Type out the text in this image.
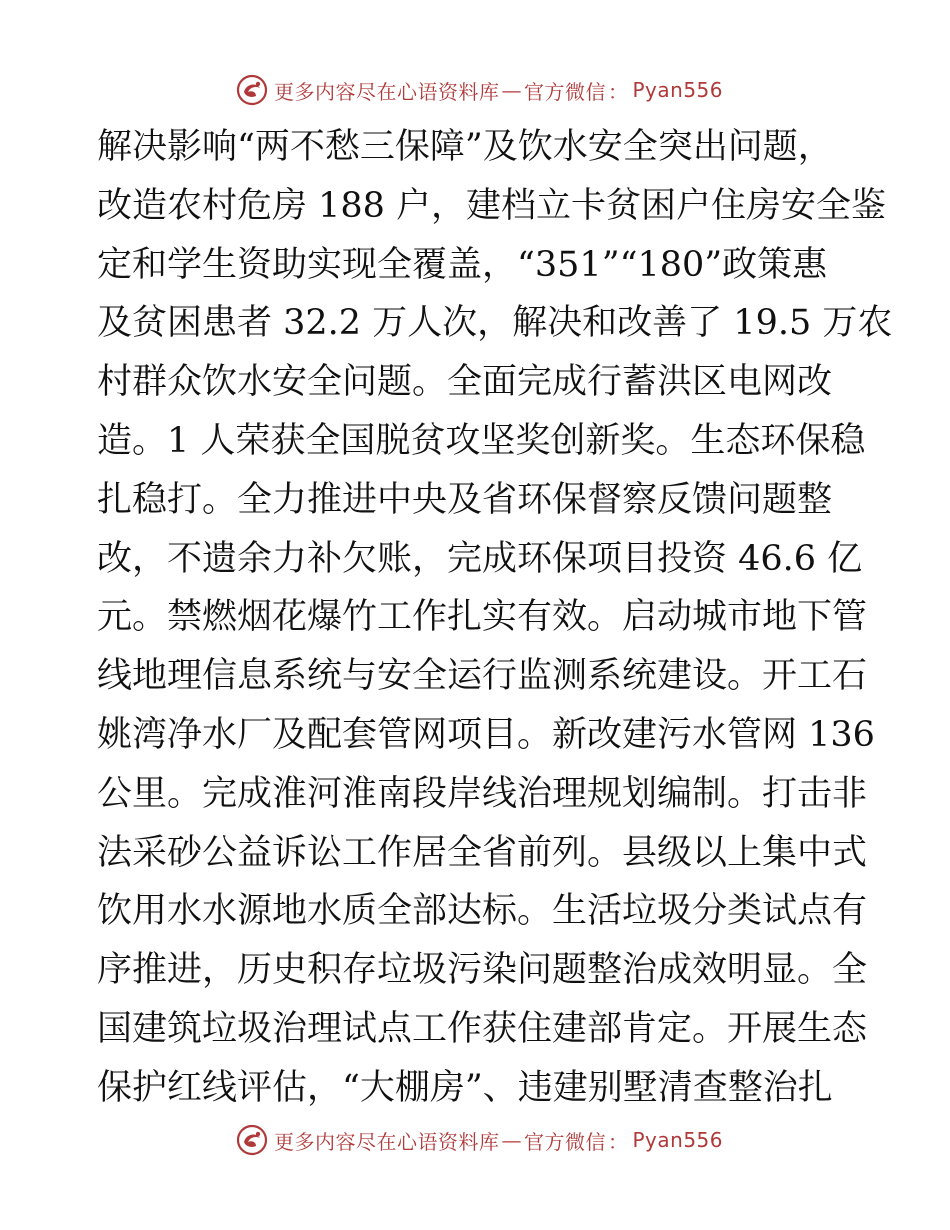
更多内容尽在心语资料库 — 官方微信 ： Pyan556
解决影响“两不愁三保障”及饮水安全突出问题，
改造农村危房 188 户，建档立卡贫困户住房安全鉴
定和学生资助实现全覆盖，“351”“180”政策惠
及贫困患者 32.2 万人次，解决和改善了 19.5 万农
村群众饮水安全问题。全面完成行蓄洪区电网改
造。1 人荣获全国脱贫攻坚奖创新奖。生态环保稳
扎稳打。全力推进中央及省环保督察反馈问题整
改，不遗余力补欠账，完成环保项目投资 46.6 亿
元。禁燃烟花爆竹工作扎实有效。启动城市地下管
线地理信息系统与安全运行监测系统建设。开工石
姚湾净水厂及配套管网项目。新改建污水管网 136
公里。完成淮河淮南段岸线治理规划编制。打击非
法采砂公益诉讼工作居全省前列。县级以上集中式
饮用水水源地水质全部达标。生活垃圾分类试点有
序推进，历史积存垃圾污染问题整治成效明显。全
国建筑垃圾治理试点工作获住建部肯定。开展生态
保护红线评估，“大棚房”、违建别墅清查整治扎
更多内容尽在心语资料库 — 官方微信 ： Pyan556
